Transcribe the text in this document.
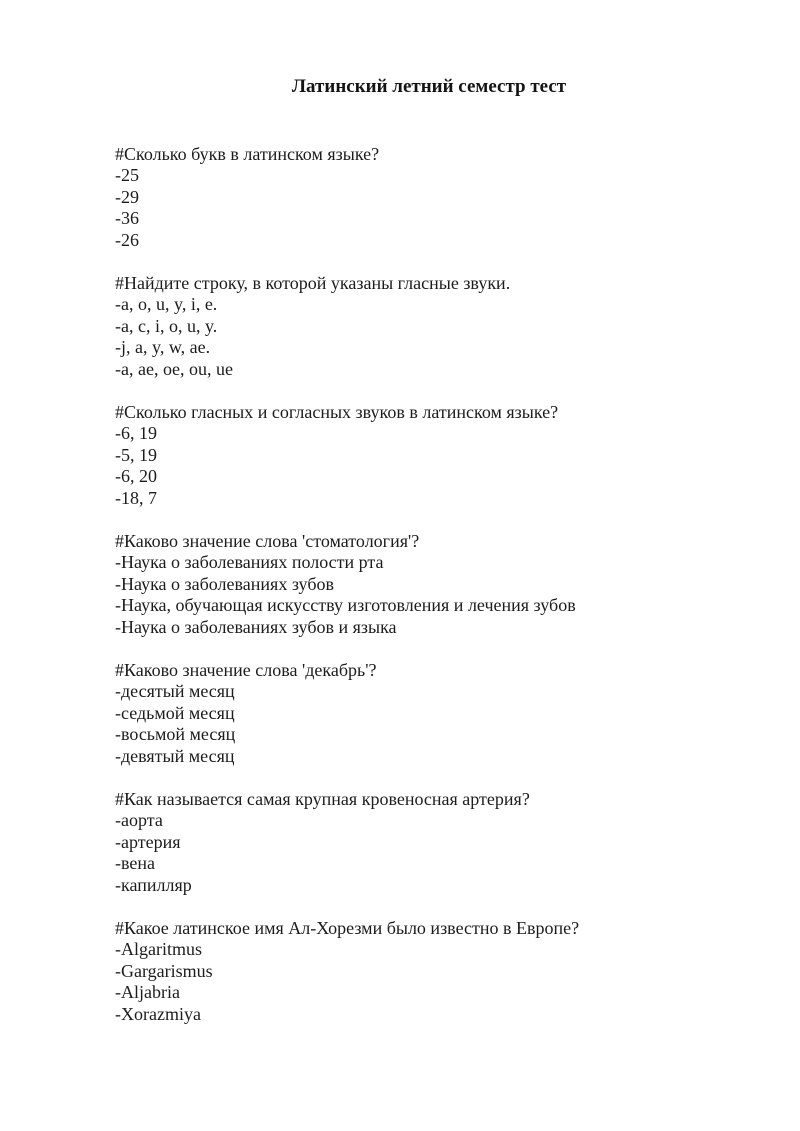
Латинский летний семестр тест
#Сколько букв в латинском языке?
-25
-29
-36
-26
#Найдите строку, в которой указаны гласные звуки.
-a, o, u, y, i, e.
-a, c, i, o, u, y.
-j, a, y, w, ae.
-a, ae, oe, ou, ue
#Сколько гласных и согласных звуков в латинском языке?
-6, 19
-5, 19
-6, 20
-18, 7
#Каково значение слова 'стоматология'?
-Наука о заболеваниях полости рта
-Наука о заболеваниях зубов
-Наука, обучающая искусству изготовления и лечения зубов
-Наука о заболеваниях зубов и языка
#Каково значение слова 'декабрь'?
-десятый месяц
-седьмой месяц
-восьмой месяц
-девятый месяц
#Как называется самая крупная кровеносная артерия?
-аорта
-артерия
-вена
-капилляр
#Какое латинское имя Ал-Хорезми было известно в Европе?
-Algaritmus
-Gargarismus
-Aljabria
-Xorazmiya
